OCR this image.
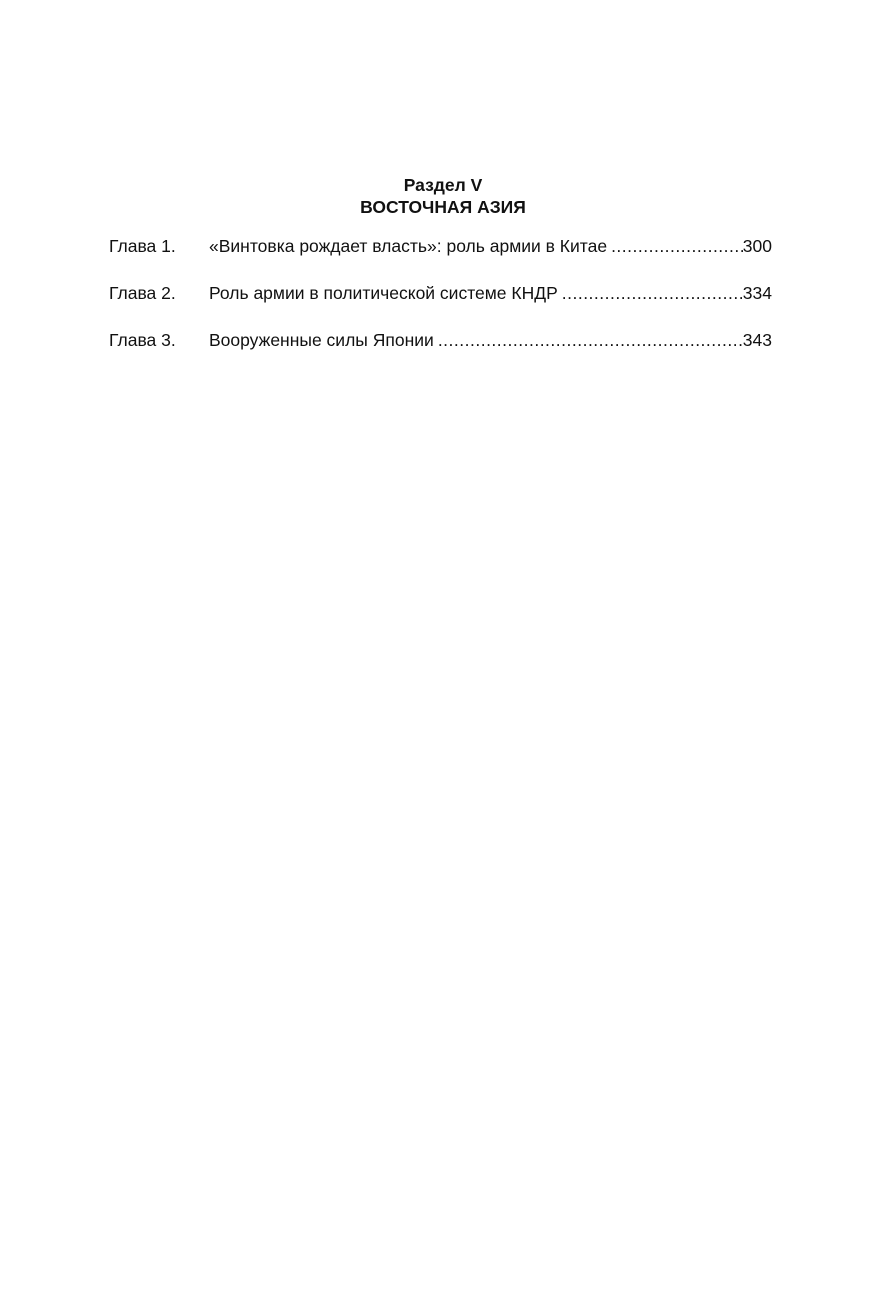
Раздел V
ВОСТОЧНАЯ АЗИЯ
Глава 1.	«Винтовка рождает власть»: роль армии в Китае .....	300
Глава 2.	Роль армии в политической системе КНДР .....	334
Глава 3.	Вооруженные силы Японии .....	343
